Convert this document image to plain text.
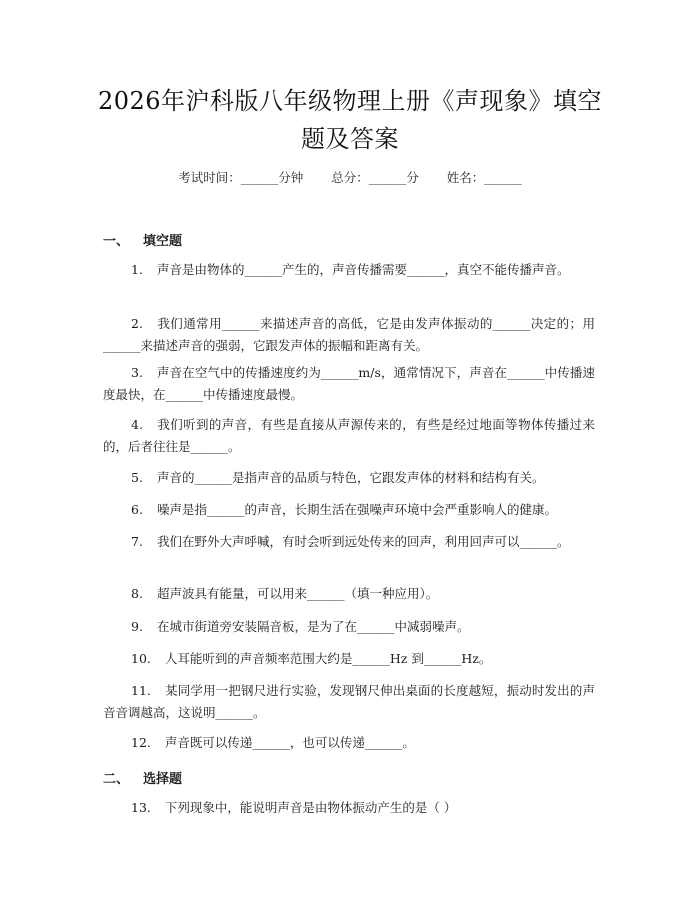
2026年沪科版八年级物理上册《声现象》填空题及答案
考试时间：______分钟 总分：______分 姓名：______
一、 填空题
1. 声音是由物体的______产生的，声音传播需要______，真空不能传播声音。
2. 我们通常用______来描述声音的高低，它是由发声体振动的______决定的；用______来描述声音的强弱，它跟发声体的振幅和距离有关。
3. 声音在空气中的传播速度约为______m/s，通常情况下，声音在______中传播速度最快，在______中传播速度最慢。
4. 我们听到的声音，有些是直接从声源传来的，有些是经过地面等物体传播过来的，后者往往是______。
5. 声音的______是指声音的品质与特色，它跟发声体的材料和结构有关。
6. 噪声是指______的声音，长期生活在强噪声环境中会严重影响人的健康。
7. 我们在野外大声呼喊，有时会听到远处传来的回声，利用回声可以______。
8. 超声波具有能量，可以用来______（填一种应用）。
9. 在城市街道旁安装隔音板，是为了在______中减弱噪声。
10. 人耳能听到的声音频率范围大约是______Hz 到______Hz。
11. 某同学用一把钢尺进行实验，发现钢尺伸出桌面的长度越短，振动时发出的声音音调越高，这说明______。
12. 声音既可以传递______，也可以传递______。
二、 选择题
13. 下列现象中，能说明声音是由物体振动产生的是（ ）
